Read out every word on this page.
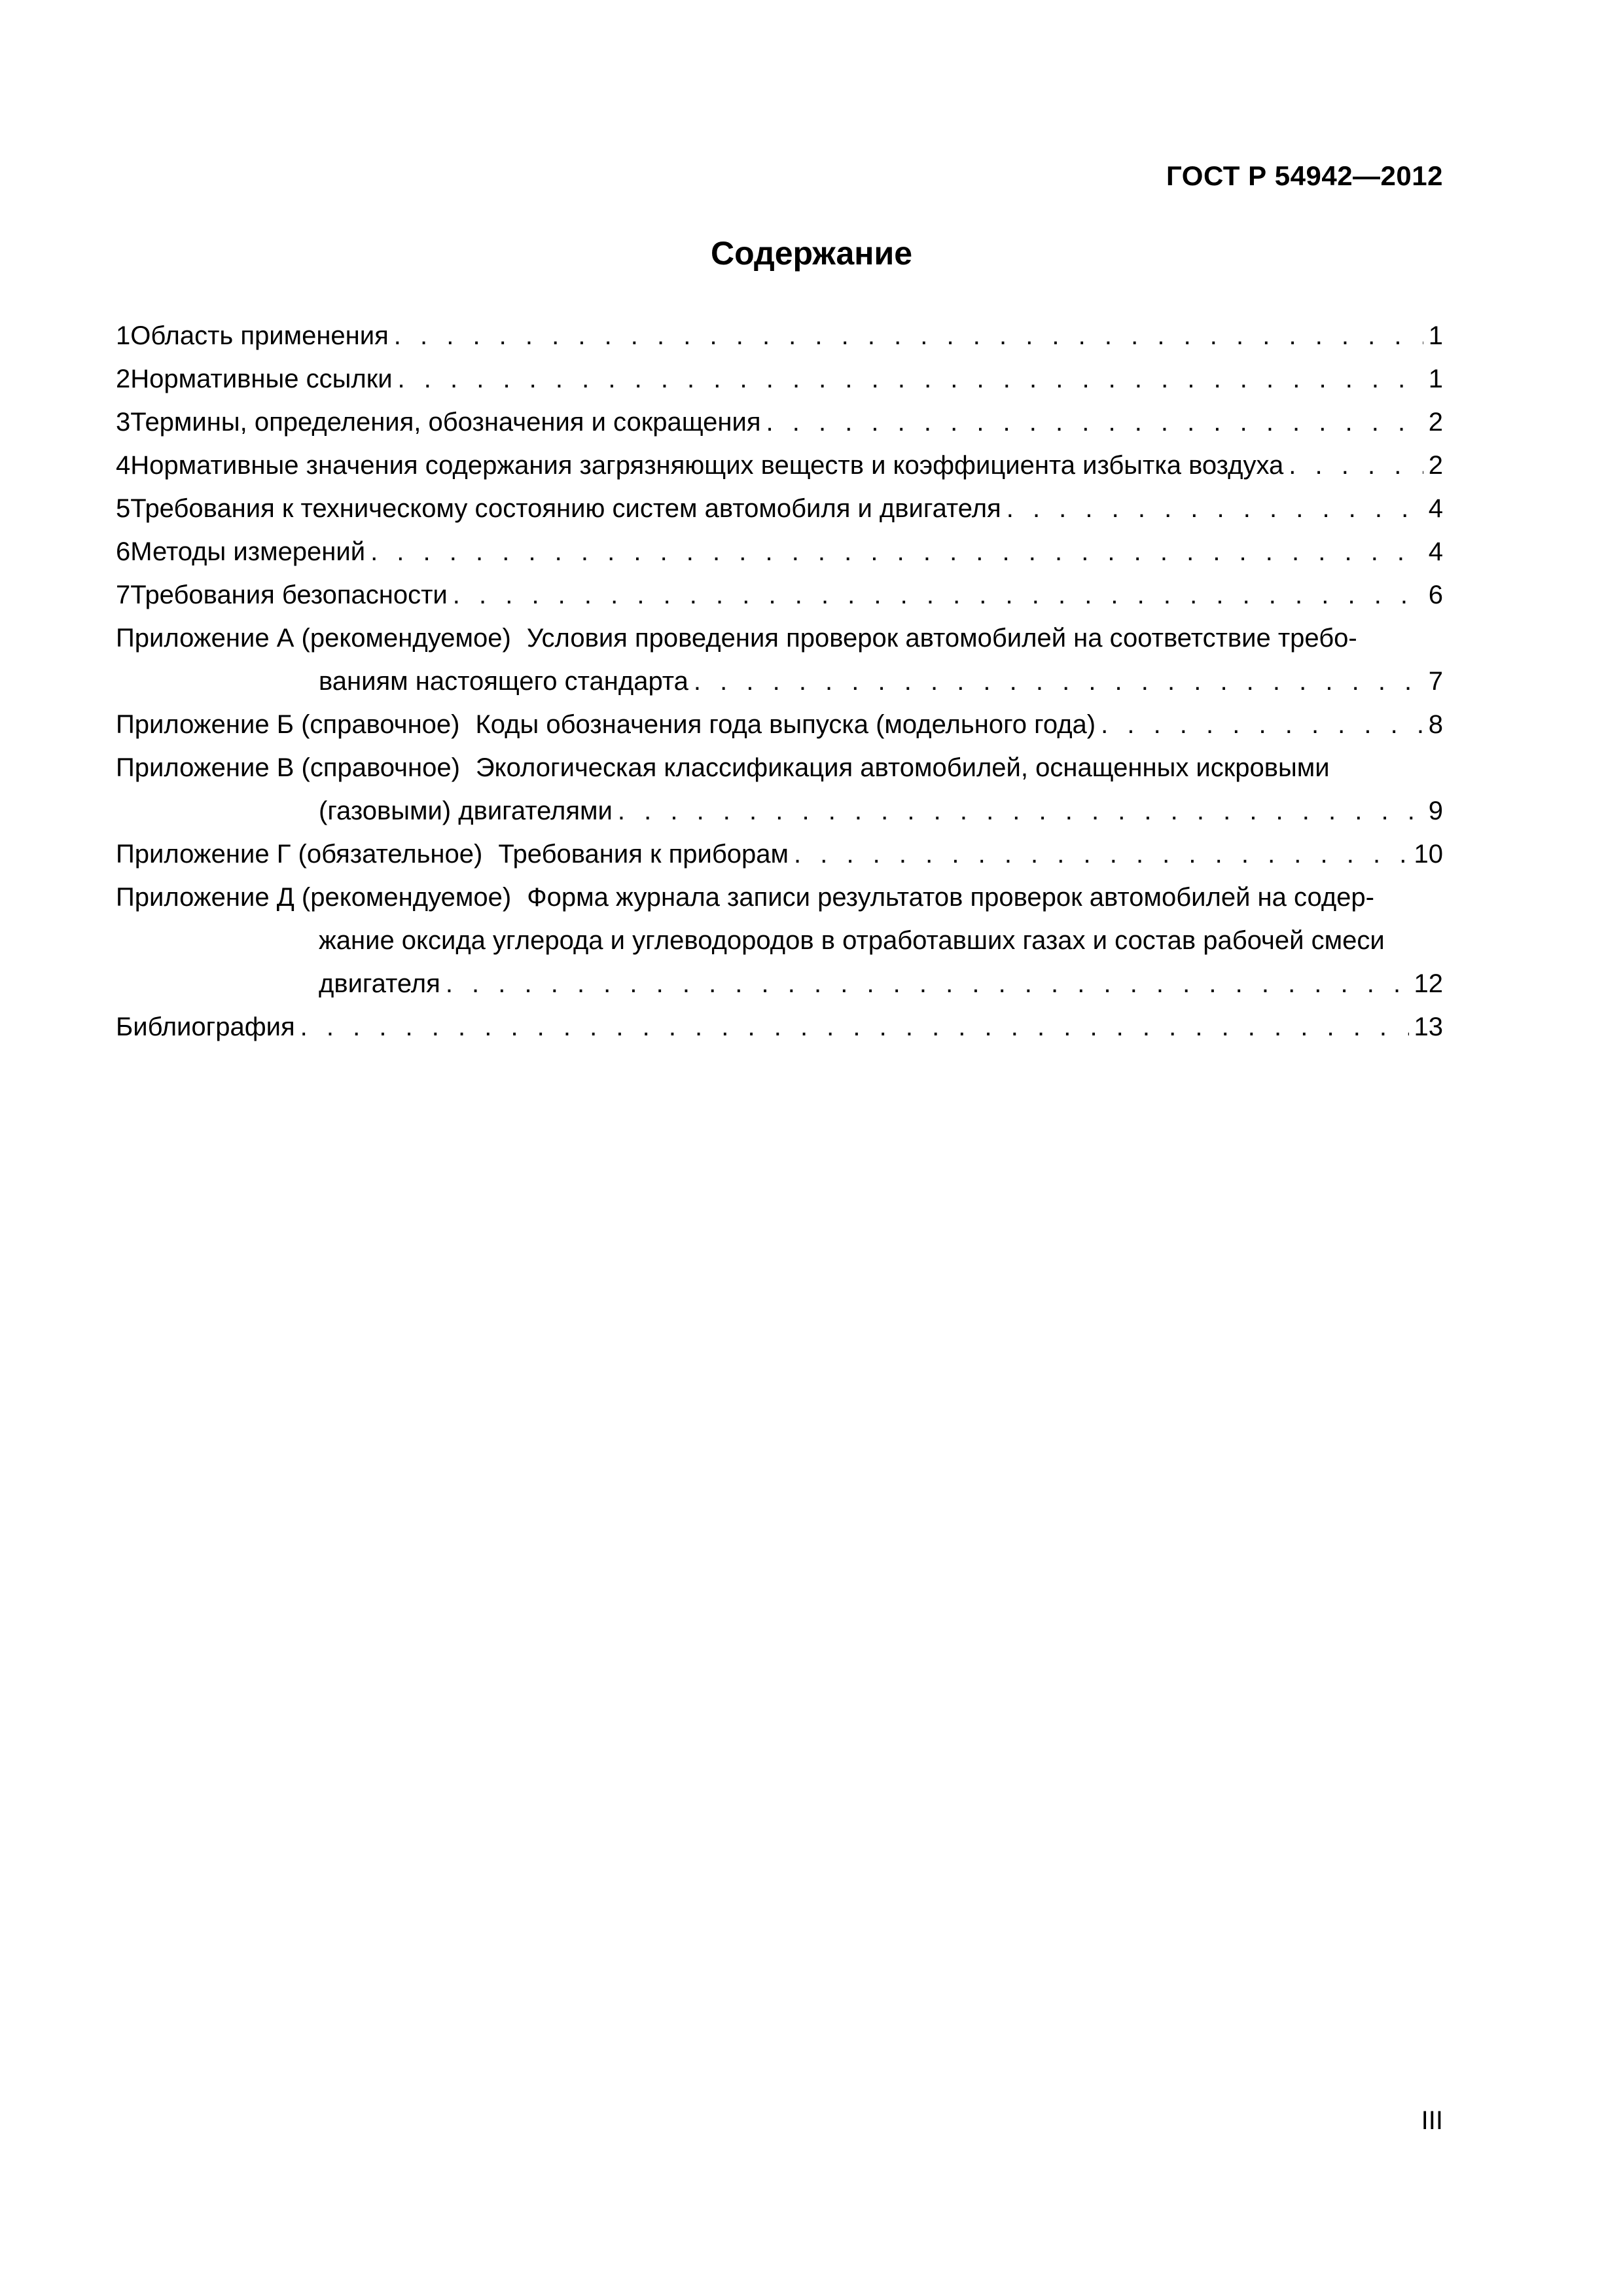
ГОСТ Р 54942—2012
Содержание
1 Область применения . . .	1
2 Нормативные ссылки . . .	1
3 Термины, определения, обозначения и сокращения . . .	2
4 Нормативные значения содержания загрязняющих веществ и коэффициента избытка воздуха . . .	2
5 Требования к техническому состоянию систем автомобиля и двигателя . . .	4
6 Методы измерений . . .	4
7 Требования безопасности . . .	6
Приложение А (рекомендуемое) Условия проведения проверок автомобилей на соответствие требо-
ваниям настоящего стандарта . . .	7
Приложение Б (справочное) Коды обозначения года выпуска (модельного года) . . .	8
Приложение В (справочное) Экологическая классификация автомобилей, оснащенных искровыми
(газовыми) двигателями . . .	9
Приложение Г (обязательное) Требования к приборам . . .	10
Приложение Д (рекомендуемое) Форма журнала записи результатов проверок автомобилей на содер-
жание оксида углерода и углеводородов в отработавших газах и состав рабочей смеси
двигателя . . .	12
Библиография . . .	13
III
